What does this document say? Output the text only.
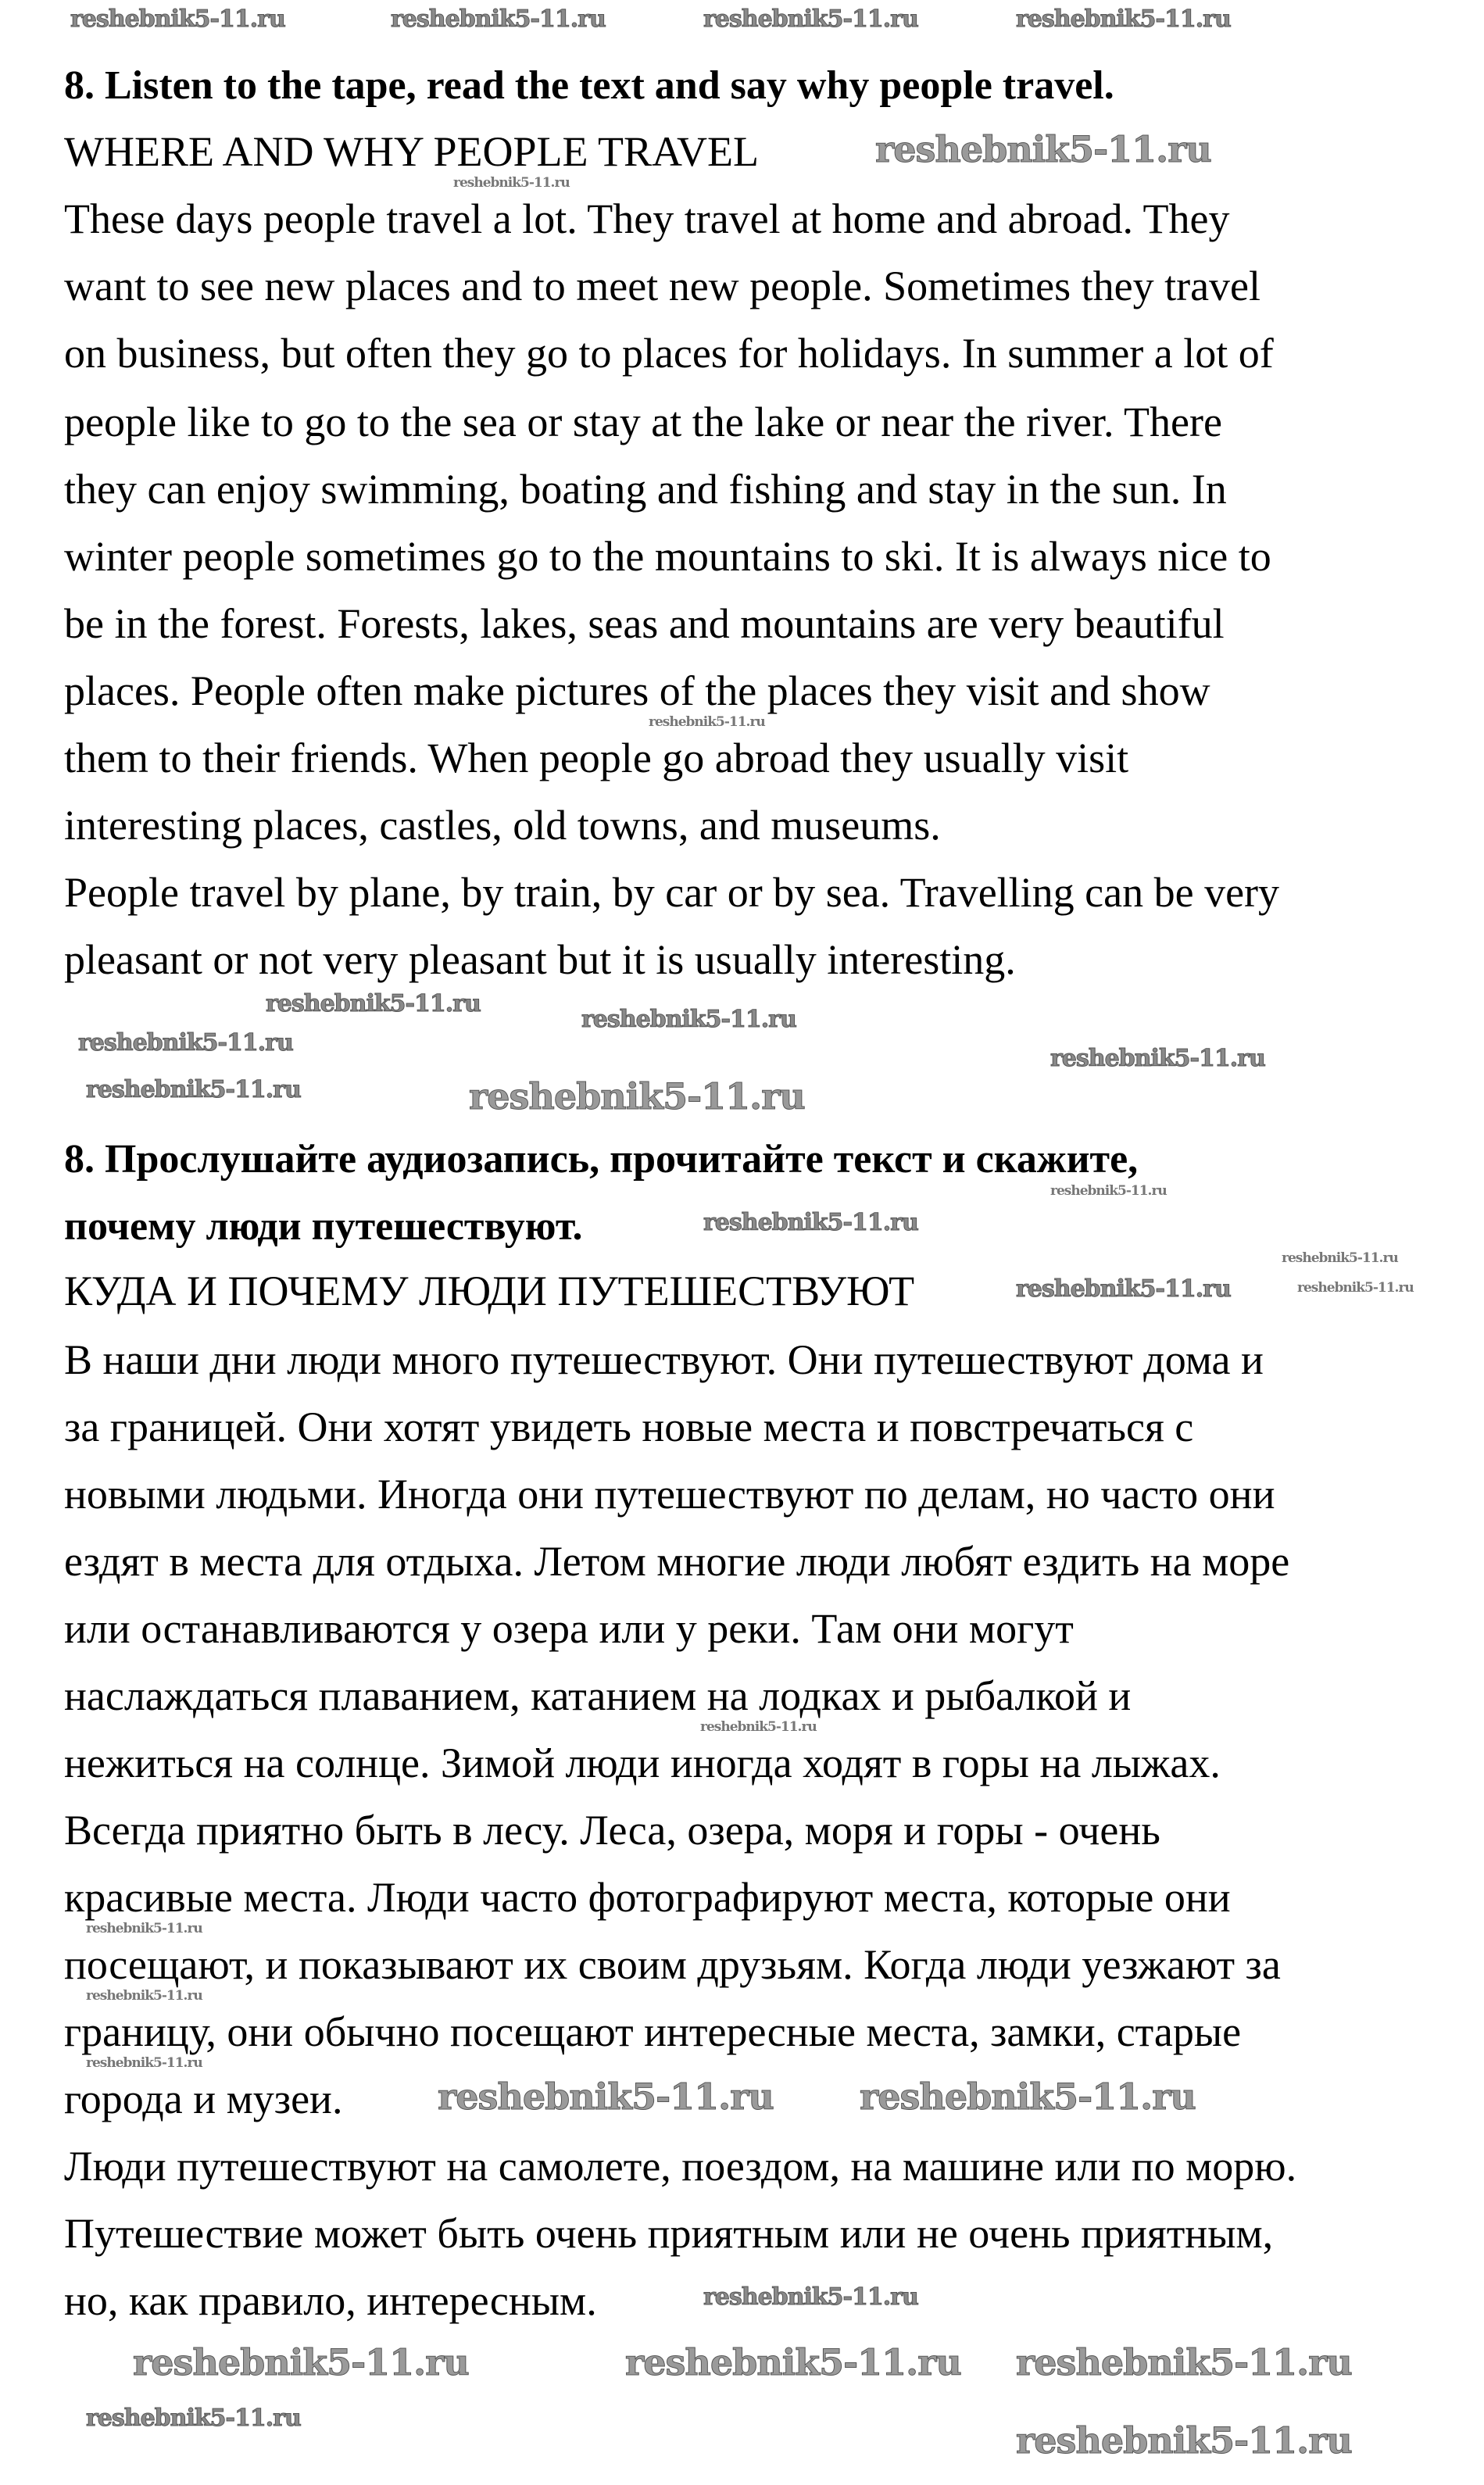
8. Listen to the tape, read the text and say why people travel.
WHERE AND WHY PEOPLE TRAVEL
These days people travel a lot. They travel at home and abroad. They
want to see new places and to meet new people. Sometimes they travel
on business, but often they go to places for holidays. In summer a lot of
people like to go to the sea or stay at the lake or near the river. There
they can enjoy swimming, boating and fishing and stay in the sun. In
winter people sometimes go to the mountains to ski. It is always nice to
be in the forest. Forests, lakes, seas and mountains are very beautiful
places. People often make pictures of the places they visit and show
them to their friends. When people go abroad they usually visit
interesting places, castles, old towns, and museums.
People travel by plane, by train, by car or by sea. Travelling can be very
pleasant or not very pleasant but it is usually interesting.
8. Прослушайте аудиозапись, прочитайте текст и скажите,
почему люди путешествуют.
КУДА И ПОЧЕМУ ЛЮДИ ПУТЕШЕСТВУЮТ
В наши дни люди много путешествуют. Они путешествуют дома и
за границей. Они хотят увидеть новые места и повстречаться с
новыми людьми. Иногда они путешествуют по делам, но часто они
ездят в места для отдыха. Летом многие люди любят ездить на море
или останавливаются у озера или у реки. Там они могут
наслаждаться плаванием, катанием на лодках и рыбалкой и
нежиться на солнце. Зимой люди иногда ходят в горы на лыжах.
Всегда приятно быть в лесу. Леса, озера, моря и горы - очень
красивые места. Люди часто фотографируют места, которые они
посещают, и показывают их своим друзьям. Когда люди уезжают за
границу, они обычно посещают интересные места, замки, старые
города и музеи.
Люди путешествуют на самолете, поездом, на машине или по морю.
Путешествие может быть очень приятным или не очень приятным,
но, как правило, интересным.
reshebnik5-11.ru
reshebnik5-11.ru
reshebnik5-11.ru
reshebnik5-11.ru	reshebnik5-11.ru	reshebnik5-11.ru
reshebnik5-11.ru
reshebnik5-11.ru
reshebnik5-11.ru
reshebnik5-11.ru
reshebnik5-11.ru
reshebnik5-11.ru
reshebnik5-11.ru
reshebnik5-11.ru
reshebnik5-11.ru
reshebnik5-11.ru
reshebnik5-11.ru
reshebnik5-11.ru
reshebnik5-11.ru
reshebnik5-11.ru
reshebnik5-11.ru
reshebnik5-11.ru
reshebnik5-11.ru
reshebnik5-11.ru
reshebnik5-11.ru
reshebnik5-11.ru
reshebnik5-11.ru
reshebnik5-11.ru
reshebnik5-11.ru
reshebnik5-11.ru
